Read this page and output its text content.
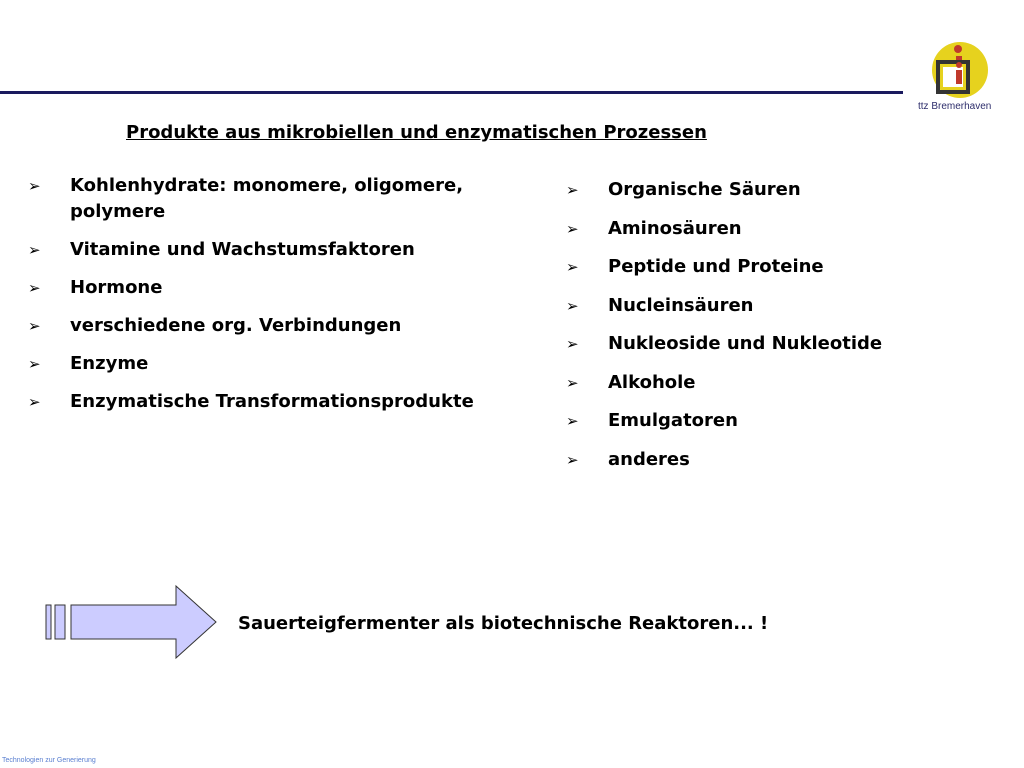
ttz Bremerhaven
Produkte aus mikrobiellen und enzymatischen Prozessen
➢ Kohlenhydrate: monomere, oligomere, polymere
➢ Vitamine und Wachstumsfaktoren
➢ Hormone
➢ verschiedene org. Verbindungen
➢ Enzyme
➢ Enzymatische Transformationsprodukte
➢ Organische Säuren
➢ Aminosäuren
➢ Peptide und Proteine
➢ Nucleinsäuren
➢ Nukleoside und Nukleotide
➢ Alkohole
➢ Emulgatoren
➢ anderes
Sauerteigfermenter als biotechnische Reaktoren... !
Technologien zur Generierung
